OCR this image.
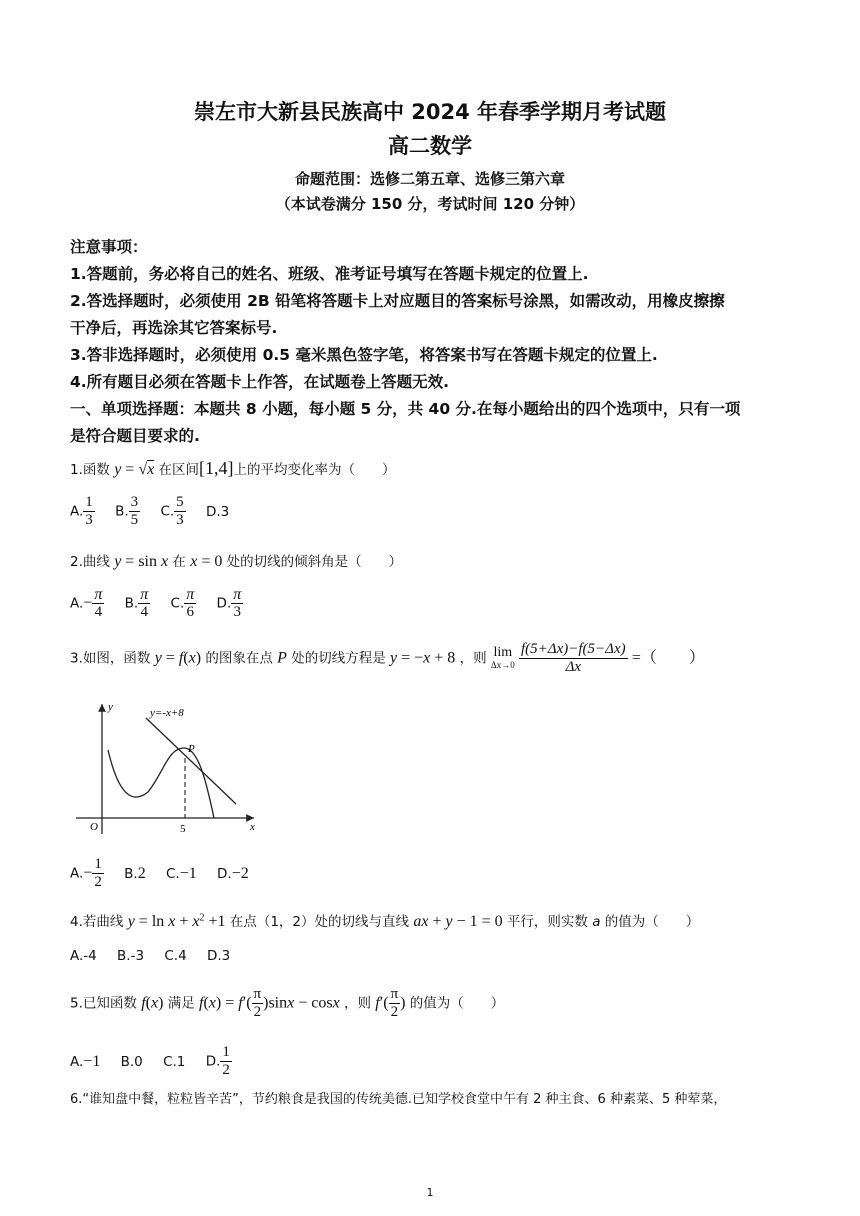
崇左市大新县民族高中 2024 年春季学期月考试题
高二数学
命题范围：选修二第五章、选修三第六章
（本试卷满分 150 分，考试时间 120 分钟）
注意事项：
1.答题前，务必将自己的姓名、班级、准考证号填写在答题卡规定的位置上.
2.答选择题时，必须使用 2B 铅笔将答题卡上对应题目的答案标号涂黑，如需改动，用橡皮擦擦
干净后，再选涂其它答案标号.
3.答非选择题时，必须使用 0.5 毫米黑色签字笔，将答案书写在答题卡规定的位置上.
4.所有题目必须在答题卡上作答，在试题卷上答题无效.
一、单项选择题：本题共 8 小题，每小题 5 分，共 40 分.在每小题给出的四个选项中，只有一项
是符合题目要求的.
1.函数 y = √x 在区间[1,4]上的平均变化率为（　　）
A. $\frac{1}{3} B$. $\frac{3}{5} C$. $\frac{5}{3} D.3$
2.曲线 y = sin x 在 x = 0 处的切线的倾斜角是（　　）
$A.- \frac{\pi}{4} B$. $\frac{\pi}{4} C$. $\frac{\pi}{6} D$. $\frac{\pi}{3}$
3.如图，函数 y = f(x) 的图象在点 P 处的切线方程是 y = −x + 8 ，则 lim
Δx→0
$\frac{f(5+\Delta x)-f(5-\Delta x)}{\Delta x}$ =（　　）
y=-x+8
y
x
O
P
5
$A.- \frac{1}{2} B.2$ C.−1 D.−2
4.若曲线 $y = \ln x + x^2 +1$ 在点（1，2）处的切线与直线 ax + y − 1 = 0 平行，则实数 a 的值为（　　）
A.-4 B.-3 C.4 D.3
5.已知函数 f(x) 满足 $f(x) = f'( \frac{\pi}{2} )\sin x - \cos x$ ，则 $f'( \frac{\pi}{2}$ ) 的值为（　　）
A.−1 B.0 C.1 D. $\frac{1}{2}$
6.“谁知盘中餐，粒粒皆辛苦”，节约粮食是我国的传统美德.已知学校食堂中午有 2 种主食、6 种素菜、5 种荤菜，
1
